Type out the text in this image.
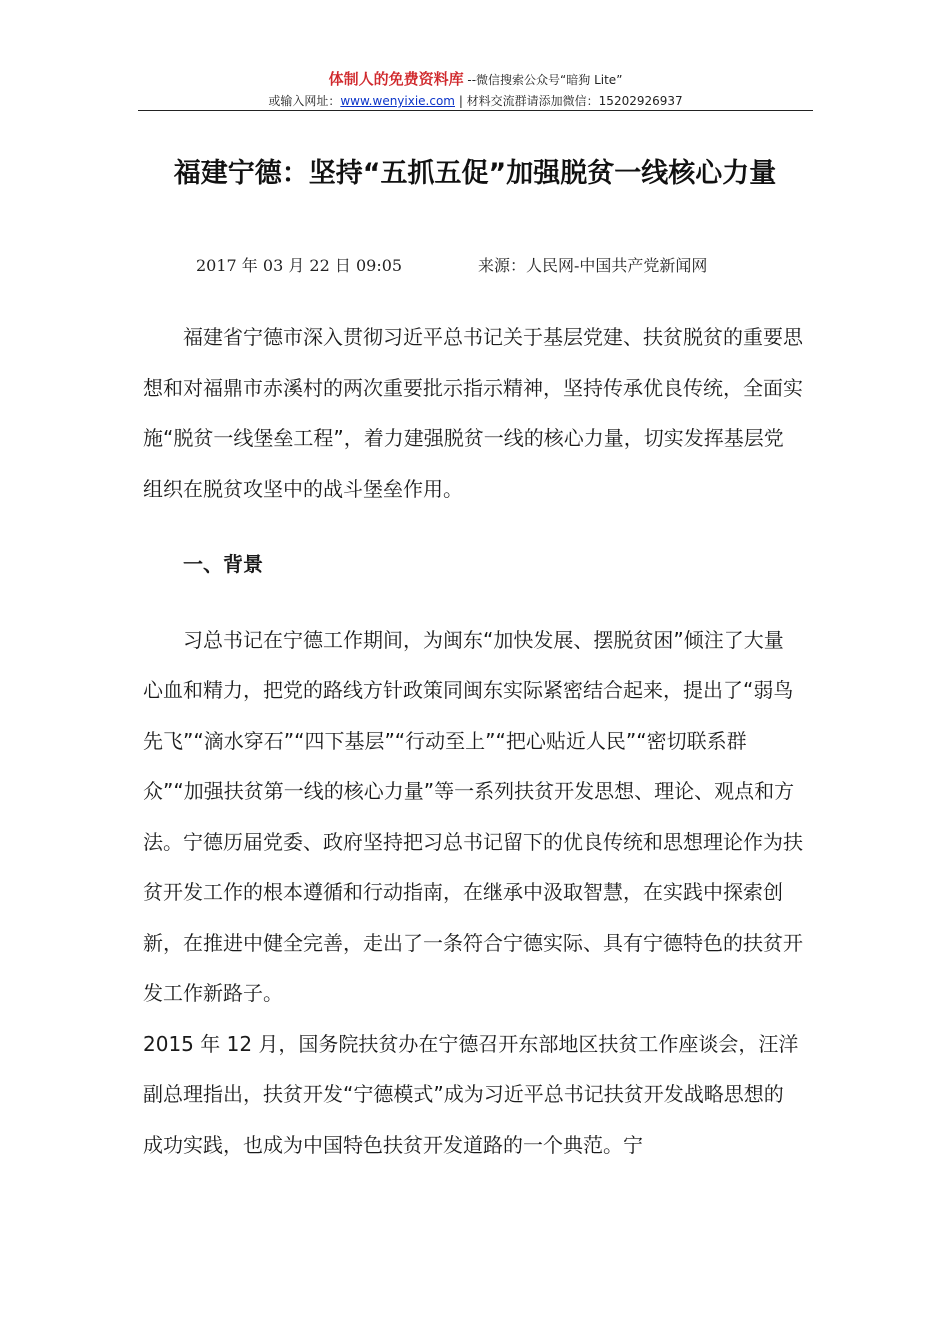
体制人的免费资料库 --微信搜索公众号“暗狗 Lite”
或输入网址：www.wenyixie.com | 材料交流群请添加微信：15202926937
福建宁德：坚持“五抓五促”加强脱贫一线核心力量
2017 年 03 月 22 日 09:05	来源：人民网-中国共产党新闻网

福建省宁德市深入贯彻习近平总书记关于基层党建、扶贫脱贫的重要思想和对福鼎市赤溪村的两次重要批示指示精神，坚持传承优良传统，全面实施“脱贫一线堡垒工程”，着力建强脱贫一线的核心力量，切实发挥基层党组织在脱贫攻坚中的战斗堡垒作用。

一、背景

习总书记在宁德工作期间，为闽东“加快发展、摆脱贫困”倾注了大量心血和精力，把党的路线方针政策同闽东实际紧密结合起来，提出了“弱鸟先飞”“滴水穿石”“四下基层”“行动至上”“把心贴近人民”“密切联系群众”“加强扶贫第一线的核心力量”等一系列扶贫开发思想、理论、观点和方法。宁德历届党委、政府坚持把习总书记留下的优良传统和思想理论作为扶贫开发工作的根本遵循和行动指南，在继承中汲取智慧，在实践中探索创新，在推进中健全完善，走出了一条符合宁德实际、具有宁德特色的扶贫开发工作新路子。

2015 年 12 月，国务院扶贫办在宁德召开东部地区扶贫工作座谈会，汪洋副总理指出，扶贫开发“宁德模式”成为习近平总书记扶贫开发战略思想的成功实践，也成为中国特色扶贫开发道路的一个典范。宁
